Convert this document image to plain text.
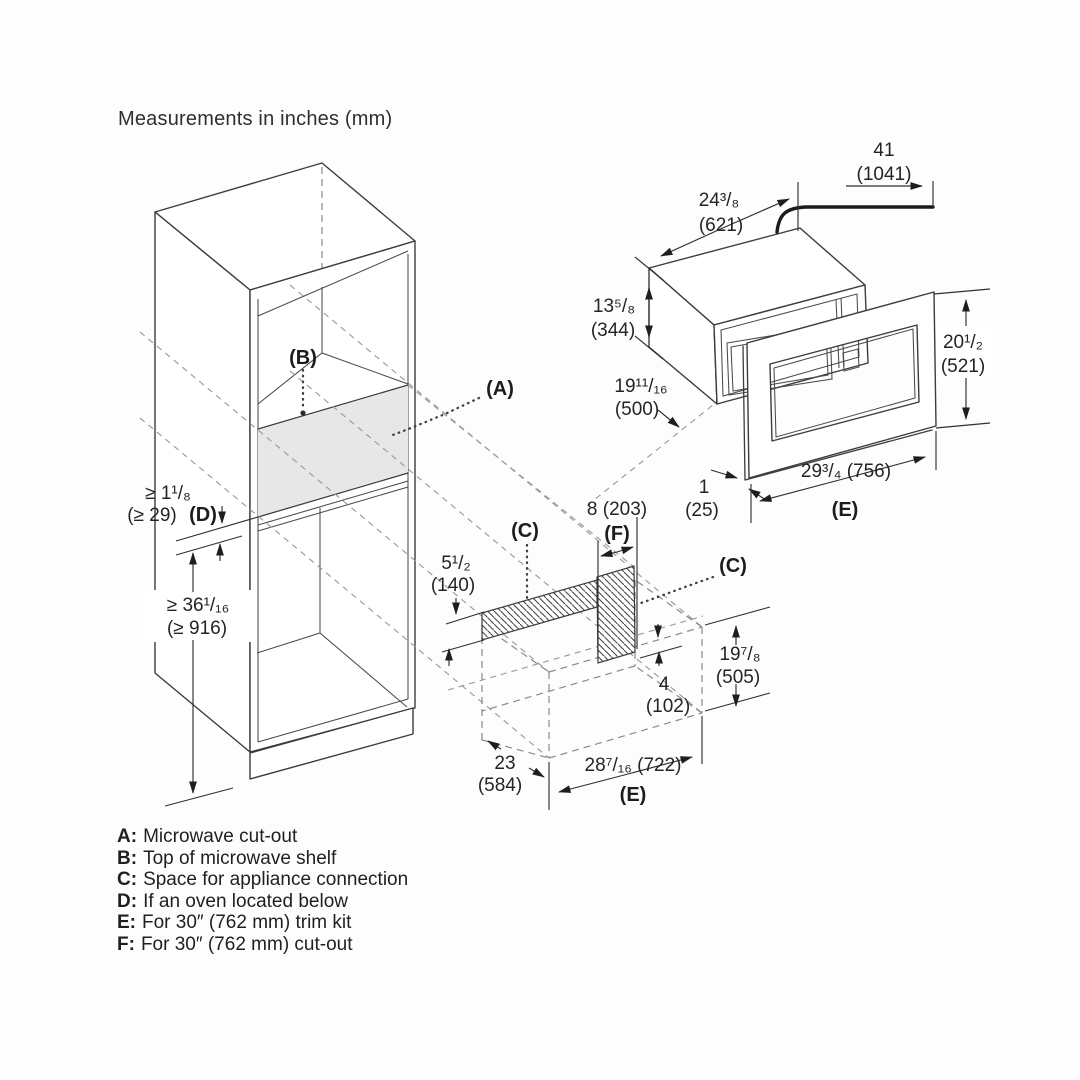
41
(1041)
24³/₈
(621)
13⁵/₈
(344)
19¹¹/₁₆
(500)
20¹/₂
(521)
1
(25)
29³/₄ (756)
(E)
8 (203)
(F)
5¹/₂
(140)
4
(102)
19⁷/₈
(505)
23
(584)
28⁷/₁₆ (722)
(E)
≥ 1¹/₈
(≥ 29) (D)
≥ 36¹/₁₆
(≥ 916)
(A)
(B)
(C)
(C)
Measurements in inches (mm)
A: Microwave cut-out
B: Top of microwave shelf
C: Space for appliance connection
D: If an oven located below
E: For 30″ (762 mm) trim kit
F: For 30″ (762 mm) cut-out
